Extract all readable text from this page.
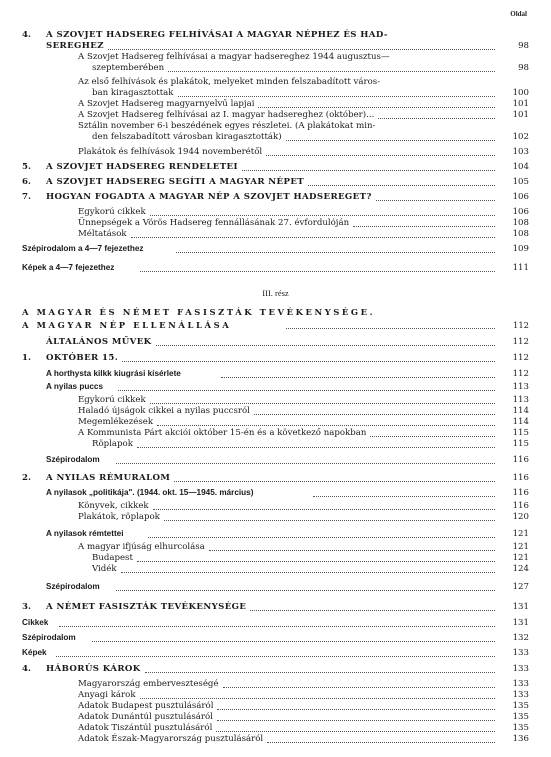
Oldal
III. rész
A MAGYAR ÉS NÉMET FASISZTÁK TEVÉKENYSÉGE.
A MAGYAR NÉP ELLENÁLLÁSA	112
4. A SZOVJET HADSEREG FELHÍVÁSAI A MAGYAR NÉPHEZ ÉS HAD-
SEREGHEZ	98
A Szovjet Hadsereg felhívásai a magyar hadsereghez 1944 augusztus—
szeptemberében	98
Az első felhívások és plakátok, melyeket minden felszabadított város-
ban kiragasztottak	100
A Szovjet Hadsereg magyarnyelvű lapjai	101
A Szovjet Hadsereg felhívásai az I. magyar hadsereghez (október)...	101
Sztálin november 6-i beszédének egyes részletei. (A plakátokat min-
den felszabadított városban kiragasztották)	102
Plakátok és felhívások 1944 novemberétől	103
5. A SZOVJET HADSEREG RENDELETEI	104
6. A SZOVJET HADSEREG SEGÍTI A MAGYAR NÉPET	105
7. HOGYAN FOGADTA A MAGYAR NÉP A SZOVJET HADSEREGET?	106
Egykorú cikkek	106
Ünnepségek a Vörös Hadsereg fennállásának 27. évfordulóján	108
Méltatások	108
Szépirodalom a 4—7 fejezethez	109
Képek a 4—7 fejezethez	111
ÁLTALÁNOS MŰVEK	112
1. OKTÓBER 15.	112
A horthysta kilkk kiugrási kísérlete	112
A nyilas puccs	113
Egykorú cikkek	113
Haladó újságok cikkei a nyilas puccsról	114
Megemlékezések	114
A Kommunista Párt akciói október 15-én és a következő napokban	115
Röplapok	115
Szépirodalom	116
2. A NYILAS RÉMURALOM	116
A nyilasok „politikája". (1944. okt. 15—1945. március)	116
Könyvek, cikkek	116
Plakátok, röplapok	120
A nyilasok rémtettei	121
A magyar ifjúság elhurcolása	121
Budapest	121
Vidék	124
Szépirodalom	127
3. A NÉMET FASISZTÁK TEVÉKENYSÉGE	131
Cikkek	131
Szépirodalom	132
Képek	133
4. HÁBORÚS KÁROK	133
Magyarország emberveszteségé	133
Anyagi károk	133
Adatok Budapest pusztulásáról	135
Adatok Dunántúl pusztulásáról	135
Adatok Tiszántúl pusztulásáról	135
Adatok Észak-Magyarország pusztulásáról	136
